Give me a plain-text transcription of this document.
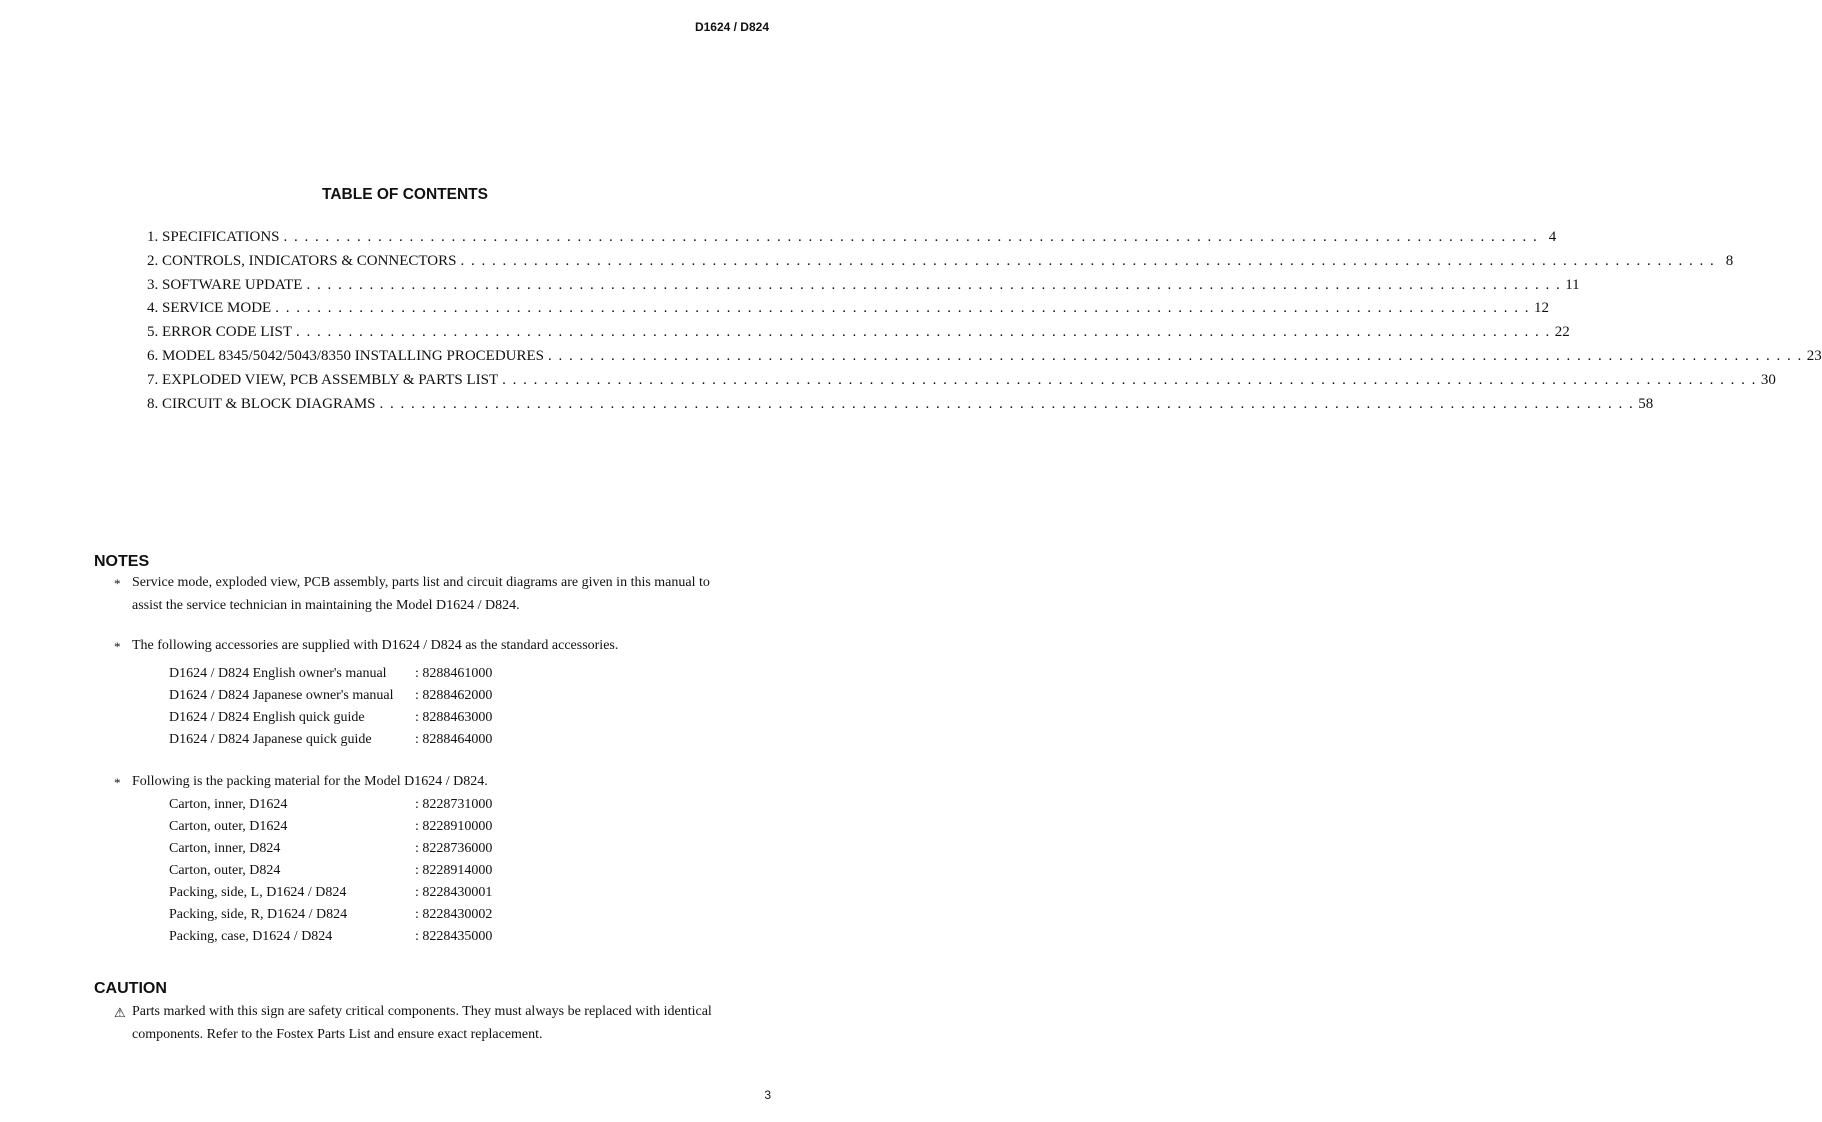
D1624 / D824
TABLE OF CONTENTS
1. SPECIFICATIONS . . . . . . . . . . . . . . . . . . . . . . . . . . . . . . . . . . . . . . . . . . . . . . . . . . . . . . . . . . . . . . . . . . . . . . . . . . . . . . . . . . . . . . . . . . . . . . . . . . . . . . . . . . . . . . . . . . . . . . . . 4
2. CONTROLS, INDICATORS & CONNECTORS . . . . . . . . . . . . . . . . . . . . . . . . . . . . . . . . . . . . . . . . . . . . . . . . . . . . . . . . . . . . . . . . . . . . . . . . . . . . . . . . . . . . . . . . . . . . . . . . . . . . . . . . . . . . . . . . . . . . . . . . 8
3. SOFTWARE UPDATE . . . . . . . . . . . . . . . . . . . . . . . . . . . . . . . . . . . . . . . . . . . . . . . . . . . . . . . . . . . . . . . . . . . . . . . . . . . . . . . . . . . . . . . . . . . . . . . . . . . . . . . . . . . . . . . . . . . . . . . . 11
4. SERVICE MODE . . . . . . . . . . . . . . . . . . . . . . . . . . . . . . . . . . . . . . . . . . . . . . . . . . . . . . . . . . . . . . . . . . . . . . . . . . . . . . . . . . . . . . . . . . . . . . . . . . . . . . . . . . . . . . . . . . . . . . . . 12
5. ERROR CODE LIST . . . . . . . . . . . . . . . . . . . . . . . . . . . . . . . . . . . . . . . . . . . . . . . . . . . . . . . . . . . . . . . . . . . . . . . . . . . . . . . . . . . . . . . . . . . . . . . . . . . . . . . . . . . . . . . . . . . . . . . . 22
6. MODEL 8345/5042/5043/8350 INSTALLING PROCEDURES . . . . . . . . . . . . . . . . . . . . . . . . . . . . . . . . . . . . . . . . . . . . . . . . . . . . . . . . . . . . . . . . . . . . . . . . . . . . . . . . . . . . . . . . . . . . . . . . . . . . . . . . . . . . . . . . . . . . . . . . 23
7. EXPLODED VIEW, PCB ASSEMBLY & PARTS LIST . . . . . . . . . . . . . . . . . . . . . . . . . . . . . . . . . . . . . . . . . . . . . . . . . . . . . . . . . . . . . . . . . . . . . . . . . . . . . . . . . . . . . . . . . . . . . . . . . . . . . . . . . . . . . . . . . . . . . . . . 30
8. CIRCUIT & BLOCK DIAGRAMS . . . . . . . . . . . . . . . . . . . . . . . . . . . . . . . . . . . . . . . . . . . . . . . . . . . . . . . . . . . . . . . . . . . . . . . . . . . . . . . . . . . . . . . . . . . . . . . . . . . . . . . . . . . . . . . . . . . . . . . . 58
NOTES
* Service mode, exploded view, PCB assembly, parts list and circuit diagrams are given in this manual to assist the service technician in maintaining the Model D1624 / D824.
* The following accessories are supplied with D1624 / D824 as the standard accessories.
D1624 / D824 English owner's manual	: 8288461000
D1624 / D824 Japanese owner's manual	: 8288462000
D1624 / D824 English quick guide	: 8288463000
D1624 / D824 Japanese quick guide	: 8288464000
* Following is the packing material for the Model D1624 / D824.
Carton, inner, D1624	: 8228731000
Carton, outer, D1624	: 8228910000
Carton, inner, D824	: 8228736000
Carton, outer, D824	: 8228914000
Packing, side, L, D1624 / D824	: 8228430001
Packing, side, R, D1624 / D824	: 8228430002
Packing, case, D1624 / D824	: 8228435000
CAUTION
⚠ Parts marked with this sign are safety critical components. They must always be replaced with identical components. Refer to the Fostex Parts List and ensure exact replacement.
3
